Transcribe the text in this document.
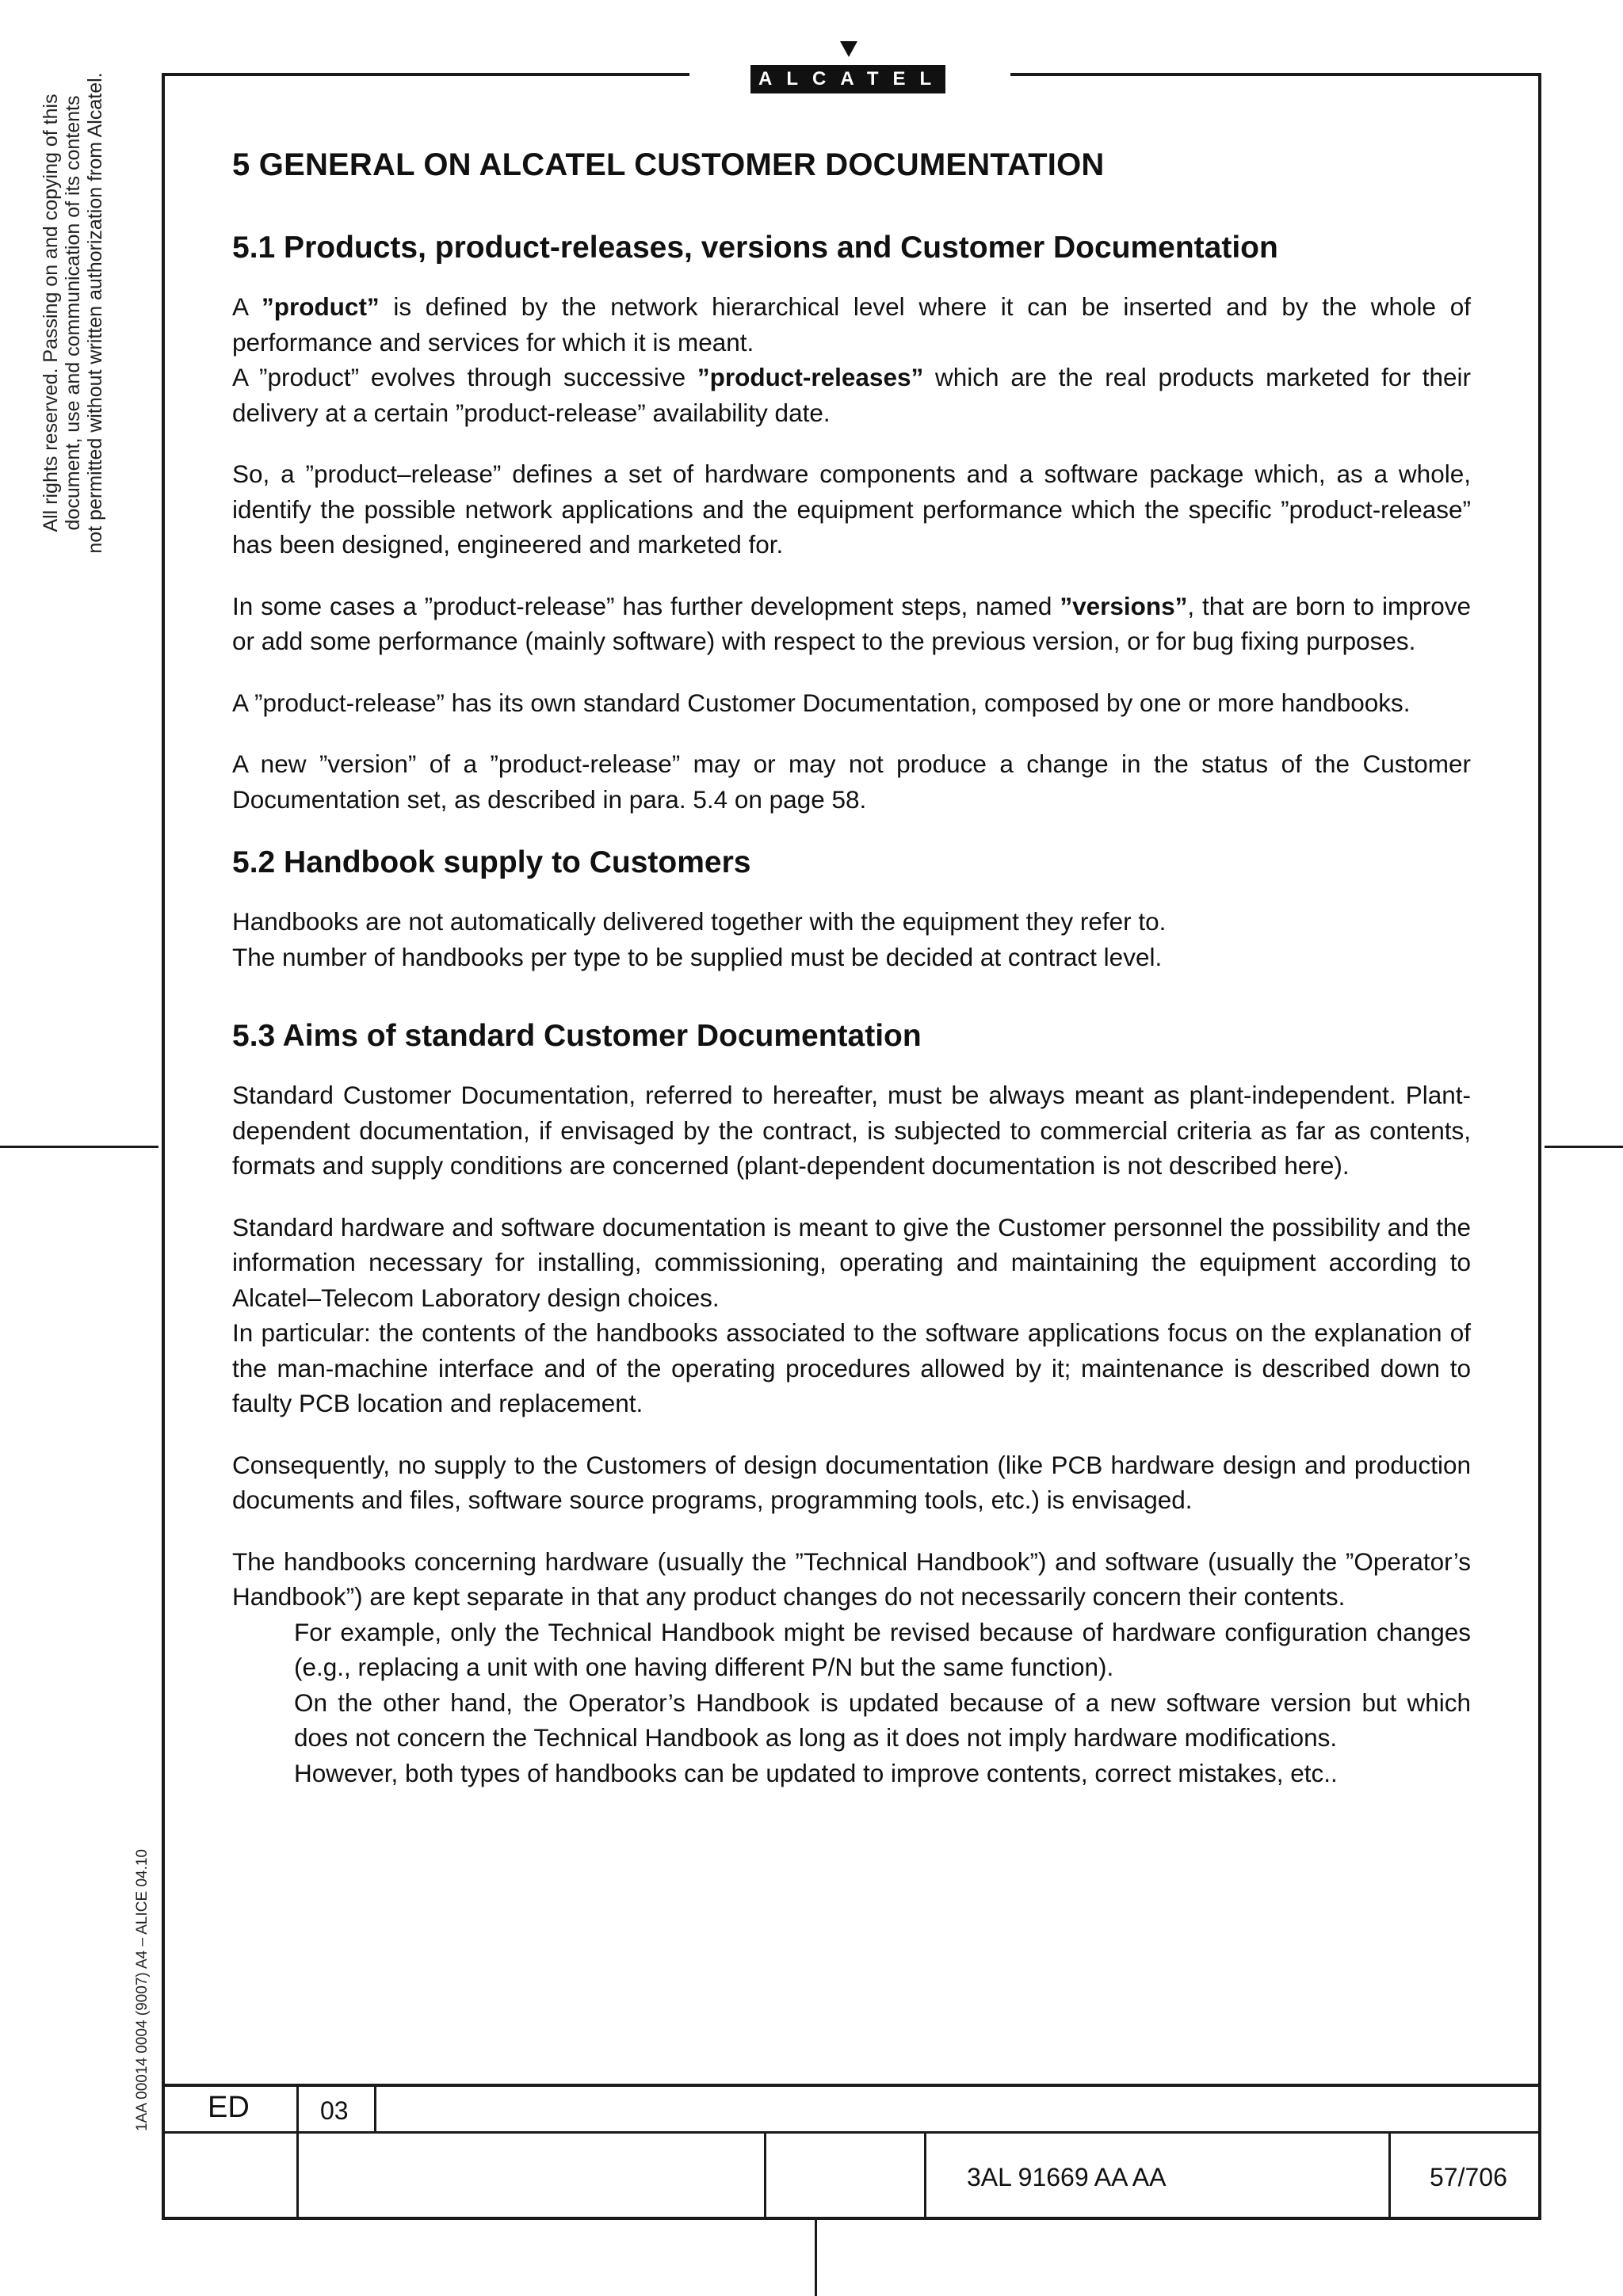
ALCATEL
All rights reserved. Passing on and copying of this document, use and communication of its contents not permitted without written authorization from Alcatel.
1AA 00014 0004 (9007) A4 – ALICE 04.10
5 GENERAL ON ALCATEL CUSTOMER DOCUMENTATION
5.1 Products, product-releases, versions and Customer Documentation

A ”product” is defined by the network hierarchical level where it can be inserted and by the whole of performance and services for which it is meant.

A ”product” evolves through successive ”product-releases” which are the real products marketed for their delivery at a certain ”product-release” availability date.

So, a ”product–release” defines a set of hardware components and a software package which, as a whole, identify the possible network applications and the equipment performance which the specific ”product-release” has been designed, engineered and marketed for.

In some cases a ”product-release” has further development steps, named ”versions”, that are born to improve or add some performance (mainly software) with respect to the previous version, or for bug fixing purposes.

A ”product-release” has its own standard Customer Documentation, composed by one or more handbooks.

A new ”version” of a ”product-release” may or may not produce a change in the status of the Customer Documentation set, as described in para. 5.4 on page 58.

5.2 Handbook supply to Customers

Handbooks are not automatically delivered together with the equipment they refer to.

The number of handbooks per type to be supplied must be decided at contract level.

5.3 Aims of standard Customer Documentation

Standard Customer Documentation, referred to hereafter, must be always meant as plant-independent. Plant-dependent documentation, if envisaged by the contract, is subjected to commercial criteria as far as contents, formats and supply conditions are concerned (plant-dependent documentation is not described here).

Standard hardware and software documentation is meant to give the Customer personnel the possibility and the information necessary for installing, commissioning, operating and maintaining the equipment according to Alcatel–Telecom Laboratory design choices.

In particular: the contents of the handbooks associated to the software applications focus on the explanation of the man-machine interface and of the operating procedures allowed by it; maintenance is described down to faulty PCB location and replacement.

Consequently, no supply to the Customers of design documentation (like PCB hardware design and production documents and files, software source programs, programming tools, etc.) is envisaged.

The handbooks concerning hardware (usually the ”Technical Handbook”) and software (usually the ”Operator’s Handbook”) are kept separate in that any product changes do not necessarily concern their contents.

For example, only the Technical Handbook might be revised because of hardware configuration changes (e.g., replacing a unit with one having different P/N but the same function).

On the other hand, the Operator’s Handbook is updated because of a new software version but which does not concern the Technical Handbook as long as it does not imply hardware modifications.

However, both types of handbooks can be updated to improve contents, correct mistakes, etc..

ED	03
3AL 91669 AA AA	57/706
